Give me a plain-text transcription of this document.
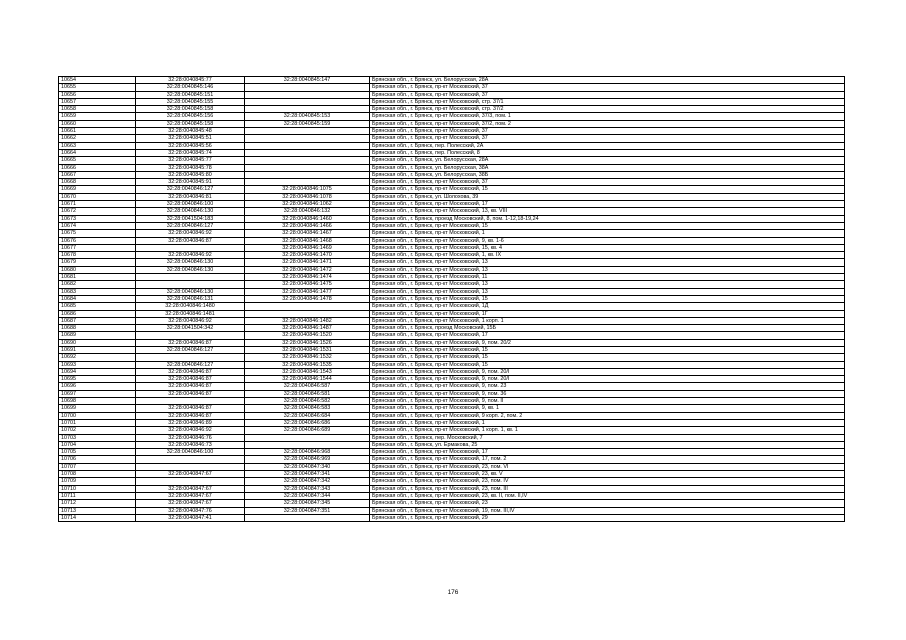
10654	32:28:0040845:77	32:28:0040845:147	Брянская обл., г. Брянск, ул. Белорусская, 28А
10655	32:28:0040845:146		Брянская обл., г. Брянск, пр-кт Московский, 37
10656	32:28:0040845:151		Брянская обл., г. Брянск, пр-кт Московский, 37
10657	32:28:0040845:155		Брянская обл., г. Брянск, пр-кт Московский, стр. 37/1
10658	32:28:0040845:158		Брянская обл., г. Брянск, пр-кт Московский, стр. 37/2
10659	32:28:0040845:156	32:28:0040845:153	Брянская обл., г. Брянск, пр-кт Московский, 37/3, пом. 1
10660	32:28:0040845:158	32:28:0040845:159	Брянская обл., г. Брянск, пр-кт Московский, 37/2, пом. 2
10661	32:28:0040845:48		Брянская обл., г. Брянск, пр-кт Московский, 37
10662	32:28:0040845:51		Брянская обл., г. Брянск, пр-кт Московский, 37
10663	32:28:0040845:56		Брянская обл., г. Брянск, пер. Полесский, 2А
10664	32:28:0040845:74		Брянская обл., г. Брянск, пер. Полесский, 8
10665	32:28:0040845:77		Брянская обл., г. Брянск, ул. Белорусская, 28А
10666	32:28:0040845:78		Брянская обл., г. Брянск, ул. Белорусская, 38А
10667	32:28:0040845:80		Брянская обл., г. Брянск, ул. Белорусская, 38Б
10668	32:28:0040845:91		Брянская обл., г. Брянск, пр-кт Московский, 37
10669	32:28:0040846:127	32:28:0040846:1075	Брянская обл., г. Брянск, пр-кт Московский, 15
10670	32:28:0040846:81	32:28:0040846:1078	Брянская обл., г. Брянск, ул. Шолохова, 39
10671	32:28:0040846:100	32:28:0040846:1062	Брянская обл., г. Брянск, пр-кт Московский, 17
10672	32:28:0040846:130	32:28:0040846:132	Брянская обл., г. Брянск, пр-кт Московский, 13, кв. VIII
10673	32:28:0041504:183	32:28:0040846:1460	Брянская обл., г. Брянск, проезд Московский, 8, пом. 1-12,18-19,24
10674	32:28:0040846:127	32:28:0040846:1466	Брянская обл., г. Брянск, пр-кт Московский, 15
10675	32:28:0040846:92	32:28:0040846:1467	Брянская обл., г. Брянск, пр-кт Московский, 1
10676	32:28:0040846:87	32:28:0040846:1468	Брянская обл., г. Брянск, пр-кт Московский, 9, кв. 1-6
10677		32:28:0040846:1469	Брянская обл., г. Брянск, пр-кт Московский, 15, кв. 4
10678	32:28:0040846:92	32:28:0040846:1470	Брянская обл., г. Брянск, пр-кт Московский, 1, кв. IX
10679	32:28:0040846:130	32:28:0040846:1471	Брянская обл., г. Брянск, пр-кт Московский, 13
10680	32:28:0040846:130	32:28:0040846:1472	Брянская обл., г. Брянск, пр-кт Московский, 13
10681		32:28:0040846:1474	Брянская обл., г. Брянск, пр-кт Московский, 11
10682		32:28:0040846:1475	Брянская обл., г. Брянск, пр-кт Московский, 13
10683	32:28:0040846:130	32:28:0040846:1477	Брянская обл., г. Брянск, пр-кт Московский, 13
10684	32:28:0040846:131	32:28:0040846:1478	Брянская обл., г. Брянск, пр-кт Московский, 15
10685	32:28:0040846:1480		Брянская обл., г. Брянск, пр-кт Московский, 1Д
10686	32:28:0040846:1481		Брянская обл., г. Брянск, пр-кт Московский, 1Г
10687	32:28:0040846:92	32:28:0040846:1482	Брянская обл., г. Брянск, пр-кт Московский, 1 корп. 1
10688	32:28:0041504:342	32:28:0040846:1487	Брянская обл., г. Брянск, проезд Московский, 15Б
10689		32:28:0040846:1520	Брянская обл., г. Брянск, пр-кт Московский, 17
10690	32:28:0040846:87	32:28:0040846:1526	Брянская обл., г. Брянск, пр-кт Московский, 9, пом. 20/2
10691	32:28:0040846:127	32:28:0040846:1531	Брянская обл., г. Брянск, пр-кт Московский, 15
10692		32:28:0040846:1532	Брянская обл., г. Брянск, пр-кт Московский, 15
10693	32:28:0040846:127	32:28:0040846:1535	Брянская обл., г. Брянск, пр-кт Московский, 15
10694	32:28:0040846:87	32:28:0040846:1543	Брянская обл., г. Брянск, пр-кт Московский, 9, пом. 20/I
10695	32:28:0040846:87	32:28:0040846:1544	Брянская обл., г. Брянск, пр-кт Московский, 9, пом. 20/I
10696	32:28:0040846:87	32:28:0040846:587	Брянская обл., г. Брянск, пр-кт Московский, 9, пом. 23
10697	32:28:0040846:87	32:28:0040846:581	Брянская обл., г. Брянск, пр-кт Московский, 9, пом. 36
10698		32:28:0040846:582	Брянская обл., г. Брянск, пр-кт Московский, 9, пом. II
10699	32:28:0040846:87	32:28:0040846:583	Брянская обл., г. Брянск, пр-кт Московский, 9, кв. 1
10700	32:28:0040846:87	32:28:0040846:684	Брянская обл., г. Брянск, пр-кт Московский, 9 корп. 2, пом. 2
10701	32:28:0040846:89	32:28:0040846:686	Брянская обл., г. Брянск, пр-кт Московский, 1
10702	32:28:0040846:92	32:28:0040846:689	Брянская обл., г. Брянск, пр-кт Московский, 1 корп. 1, кв. 1
10703	32:28:0040846:76		Брянская обл., г. Брянск, пер. Московский, 7
10704	32:28:0040846:73		Брянская обл., г. Брянск, ул. Ермакова, 25
10705	32:28:0040846:100	32:28:0040846:968	Брянская обл., г. Брянск, пр-кт Московский, 17
10706		32:28:0040846:969	Брянская обл., г. Брянск, пр-кт Московский, 17, пом. 2
10707		32:28:0040847:340	Брянская обл., г. Брянск, пр-кт Московский, 23, пом. VI
10708	32:28:0040847:67	32:28:0040847:341	Брянская обл., г. Брянск, пр-кт Московский, 23, кв. V
10709		32:28:0040847:342	Брянская обл., г. Брянск, пр-кт Московский, 23, пом. IV
10710	32:28:0040847:67	32:28:0040847:343	Брянская обл., г. Брянск, пр-кт Московский, 23, пом. III
10711	32:28:0040847:67	32:28:0040847:344	Брянская обл., г. Брянск, пр-кт Московский, 23, кв. II, пом. II,IV
10712	32:28:0040847:67	32:28:0040847:345	Брянская обл., г. Брянск, пр-кт Московский, 23
10713	32:28:0040847:76	32:28:0040847:351	Брянская обл., г. Брянск, пр-кт Московский, 19, пом. III,IV
10714	32:28:0040847:41		Брянская обл., г. Брянск, пр-кт Московский, 29
176
